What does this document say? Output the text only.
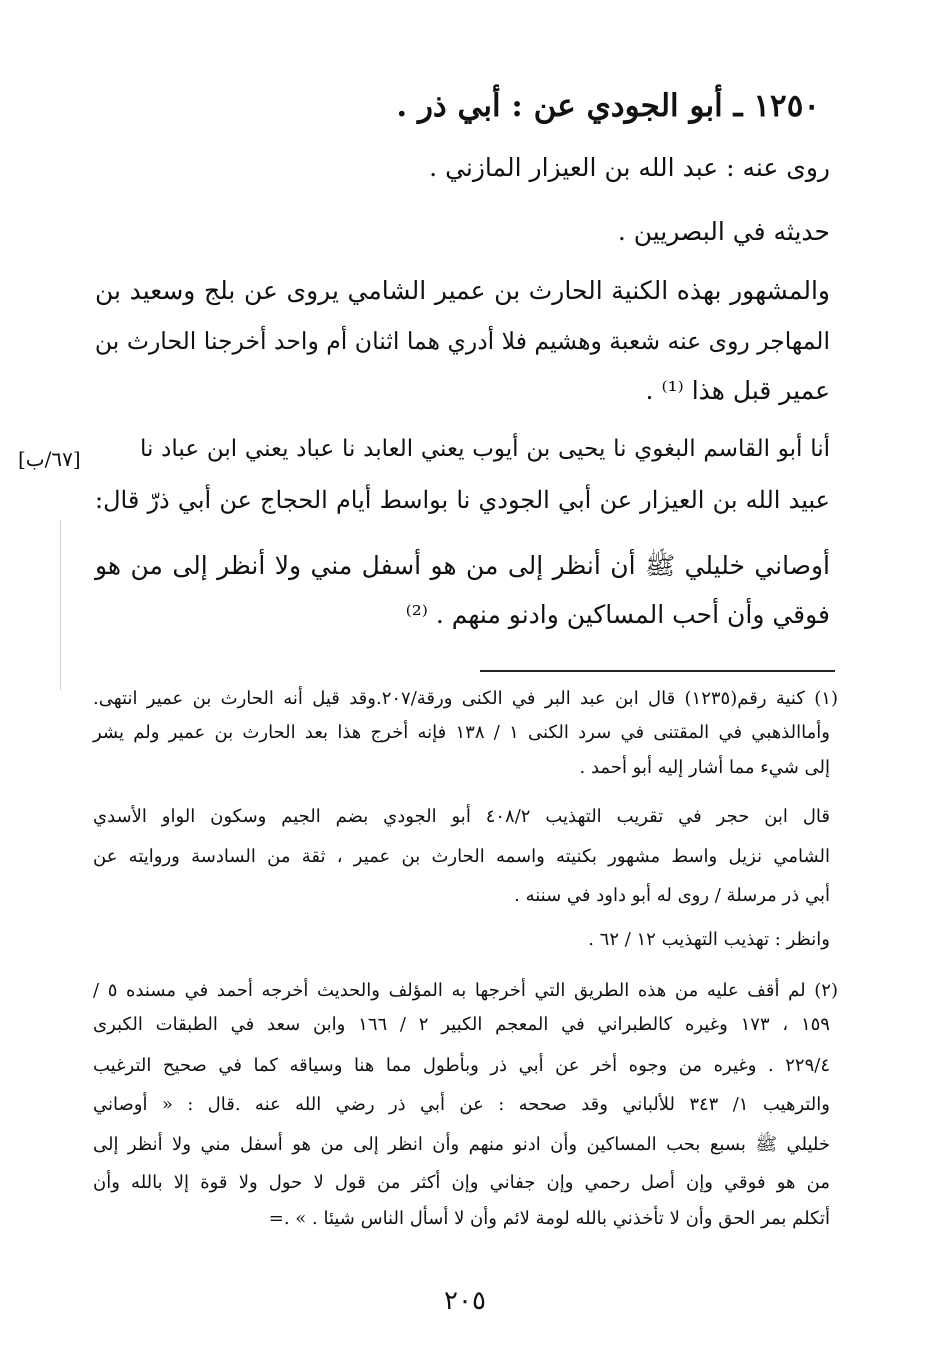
١٢٥٠ ـ أبو الجودي عن : أبي ذر .
روى عنه : عبد الله بن العيزار المازني .
حديثه في البصريين .
والمشهور بهذه الكنية الحارث بن عمير الشامي يروى عن بلج وسعيد بن
المهاجر روى عنه شعبة وهشيم فلا أدري هما اثنان أم واحد أخرجنا الحارث بن
عمير قبل هذا ⁽¹⁾ .
[٦٧/ب]	أنا أبو القاسم البغوي نا يحيى بن أيوب يعني العابد نا عباد يعني ابن عباد نا
عبيد الله بن العيزار عن أبي الجودي نا بواسط أيام الحجاج عن أبي ذرّ قال:
أوصاني خليلي ﷺ أن أنظر إلى من هو أسفل مني ولا أنظر إلى من هو
فوقي وأن أحب المساكين وادنو منهم . ⁽²⁾
(١) كنية رقم(١٢٣٥) قال ابن عبد البر في الكنى ورقة/٢٠٧.وقد قيل أنه الحارث بن عمير انتهى.
وأماالذهبي في المقتنى في سرد الكنى ١ / ١٣٨ فإنه أخرج هذا بعد الحارث بن عمير ولم يشر
إلى شيء مما أشار إليه أبو أحمد .
قال ابن حجر في تقريب التهذيب ٤٠٨/٢ أبو الجودي بضم الجيم وسكون الواو الأسدي
الشامي نزيل واسط مشهور بكنيته واسمه الحارث بن عمير ، ثقة من السادسة وروايته عن
أبي ذر مرسلة / روى له أبو داود في سننه .
وانظر : تهذيب التهذيب ١٢ / ٦٢ .
(٢) لم أقف عليه من هذه الطريق التي أخرجها به المؤلف والحديث أخرجه أحمد في مسنده ٥ /
١٥٩ ، ١٧٣ وغيره كالطبراني في المعجم الكبير ٢ / ١٦٦ وابن سعد في الطبقات الكبرى
٢٢٩/٤ . وغيره من وجوه أخر عن أبي ذر وبأطول مما هنا وسياقه كما في صحيح الترغيب
والترهيب ١/ ٣٤٣ للألباني وقد صححه : عن أبي ذر رضي الله عنه .قال : « أوصاني
خليلي ﷺ بسبع بحب المساكين وأن ادنو منهم وأن انظر إلى من هو أسفل مني ولا أنظر إلى
من هو فوقي وإن أصل رحمي وإن جفاني وإن أكثر من قول لا حول ولا قوة إلا بالله وأن
أتكلم بمر الحق وأن لا تأخذني بالله لومة لائم وأن لا أسأل الناس شيئا . » .=
٢٠٥
